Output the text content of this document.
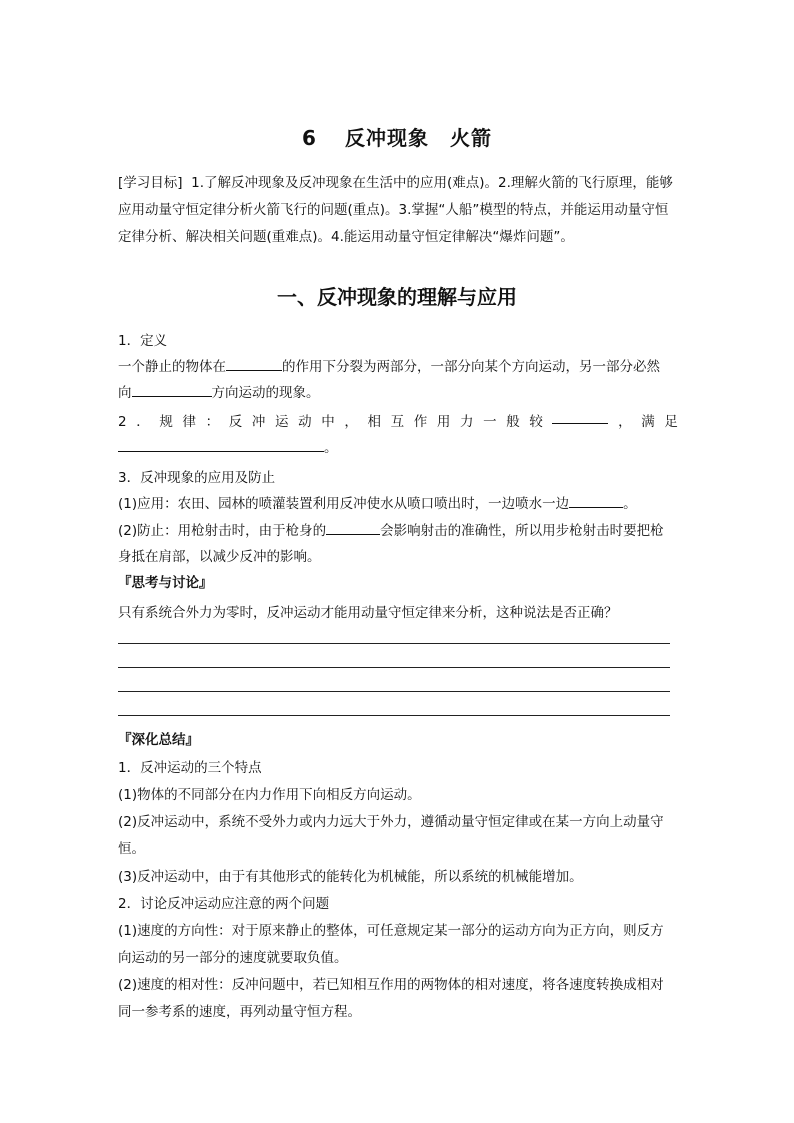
6 反冲现象　火箭
[学习目标] 1.了解反冲现象及反冲现象在生活中的应用(难点)。2.理解火箭的飞行原理，能够应用动量守恒定律分析火箭飞行的问题(重点)。3.掌握“人船”模型的特点，并能运用动量守恒定律分析、解决相关问题(重难点)。4.能运用动量守恒定律解决“爆炸问题”。
一、反冲现象的理解与应用
1．定义
一个静止的物体在	的作用下分裂为两部分，一部分向某个方向运动，另一部分必然
向	方向运动的现象。
2 ． 规 律 ： 反 冲 运 动 中 ， 相 互 作 用 力 一 般 较	， 满 足
。
3．反冲现象的应用及防止
(1)应用：农田、园林的喷灌装置利用反冲使水从喷口喷出时，一边喷水一边	。
(2)防止：用枪射击时，由于枪身的	会影响射击的准确性，所以用步枪射击时要把枪
身抵在肩部，以减少反冲的影响。
『思考与讨论』
只有系统合外力为零时，反冲运动才能用动量守恒定律来分析，这种说法是否正确？
『深化总结』
1．反冲运动的三个特点
(1)物体的不同部分在内力作用下向相反方向运动。
(2)反冲运动中，系统不受外力或内力远大于外力，遵循动量守恒定律或在某一方向上动量守
恒。
(3)反冲运动中，由于有其他形式的能转化为机械能，所以系统的机械能增加。
2．讨论反冲运动应注意的两个问题
(1)速度的方向性：对于原来静止的整体，可任意规定某一部分的运动方向为正方向，则反方
向运动的另一部分的速度就要取负值。
(2)速度的相对性：反冲问题中，若已知相互作用的两物体的相对速度，将各速度转换成相对
同一参考系的速度，再列动量守恒方程。
